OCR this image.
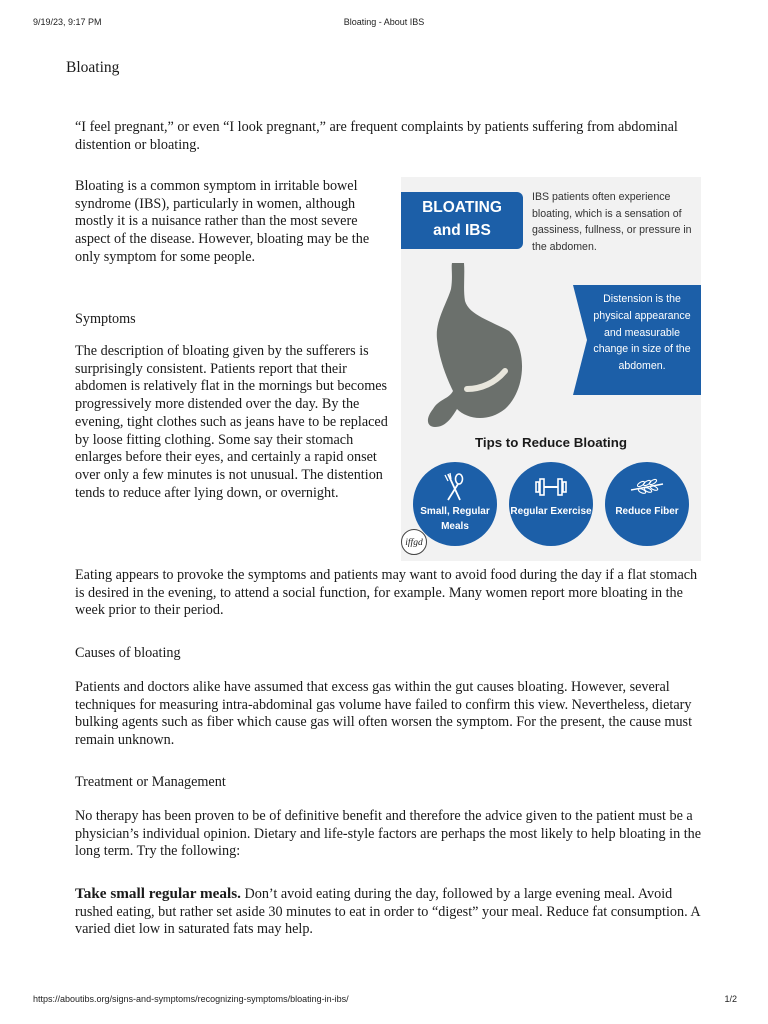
9/19/23, 9:17 PM	Bloating - About IBS
Bloating

“I feel pregnant,” or even “I look pregnant,” are frequent complaints by patients suffering from abdominal distention or bloating.

Bloating is a common symptom in irritable bowel syndrome (IBS), particularly in women, although mostly it is a nuisance rather than the most severe aspect of the disease. However, bloating may be the only symptom for some people.

Symptoms

The description of bloating given by the sufferers is surprisingly consistent. Patients report that their abdomen is relatively flat in the mornings but becomes progressively more distended over the day. By the evening, tight clothes such as jeans have to be replaced by loose fitting clothing. Some say their stomach enlarges before their eyes, and certainly a rapid onset over only a few minutes is not unusual. The distention tends to reduce after lying down, or overnight.

BLOATING
and IBS
IBS patients often experience bloating, which is a sensation of gassiness, fullness, or pressure in the abdomen.
Distension is the physical appearance and measurable change in size of the abdomen.
Tips to Reduce Bloating
Small, Regular Meals
Regular Exercise	Reduce Fiber
iffgd

Eating appears to provoke the symptoms and patients may want to avoid food during the day if a flat stomach is desired in the evening, to attend a social function, for example. Many women report more bloating in the week prior to their period.

Causes of bloating

Patients and doctors alike have assumed that excess gas within the gut causes bloating. However, several techniques for measuring intra-abdominal gas volume have failed to confirm this view. Nevertheless, dietary bulking agents such as fiber which cause gas will often worsen the symptom. For the present, the cause must remain unknown.

Treatment or Management

No therapy has been proven to be of definitive benefit and therefore the advice given to the patient must be a physician’s individual opinion. Dietary and life-style factors are perhaps the most likely to help bloating in the long term. Try the following:

Take small regular meals. Don’t avoid eating during the day, followed by a large evening meal. Avoid rushed eating, but rather set aside 30 minutes to eat in order to “digest” your meal. Reduce fat consumption. A varied diet low in saturated fats may help.

https://aboutibs.org/signs-and-symptoms/recognizing-symptoms/bloating-in-ibs/	1/2
